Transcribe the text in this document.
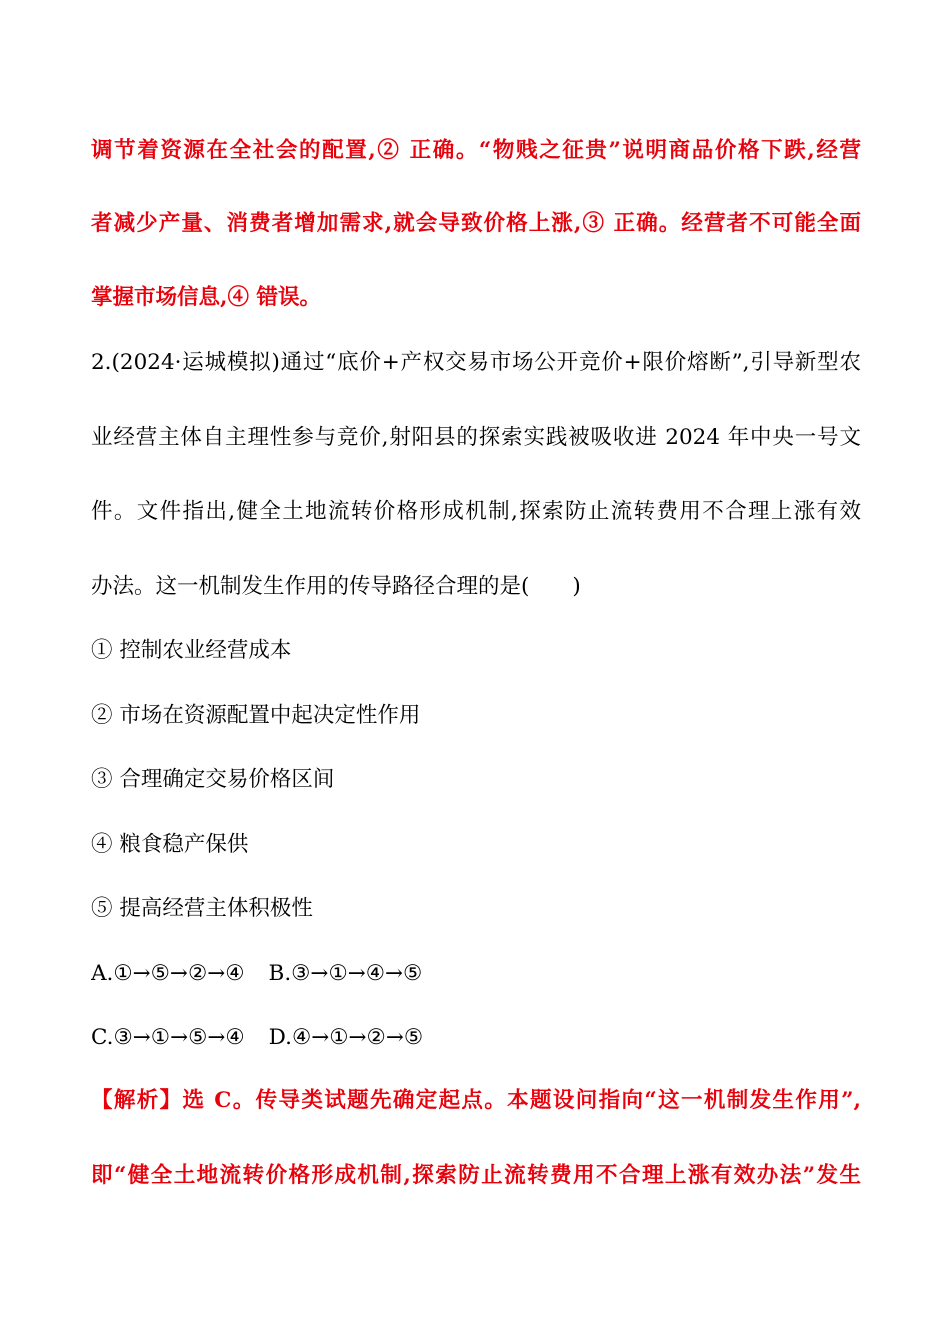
调节着资源在全社会的配置,② 正确。“物贱之征贵”说明商品价格下跌,经营
者减少产量、消费者增加需求,就会导致价格上涨,③ 正确。经营者不可能全面
掌握市场信息,④ 错误。
2.(2024·运城模拟)通过“底价+产权交易市场公开竞价+限价熔断”,引导新型农
业经营主体自主理性参与竞价,射阳县的探索实践被吸收进 2024 年中央一号文
件。文件指出,健全土地流转价格形成机制,探索防止流转费用不合理上涨有效
办法。这一机制发生作用的传导路径合理的是(　　)
① 控制农业经营成本
② 市场在资源配置中起决定性作用
③ 合理确定交易价格区间
④ 粮食稳产保供
⑤ 提高经营主体积极性
A.①→⑤→②→④ B.③→①→④→⑤
C.③→①→⑤→④ D.④→①→②→⑤
【解析】选 C。传导类试题先确定起点。本题设问指向“这一机制发生作用”,
即“健全土地流转价格形成机制,探索防止流转费用不合理上涨有效办法”发生
